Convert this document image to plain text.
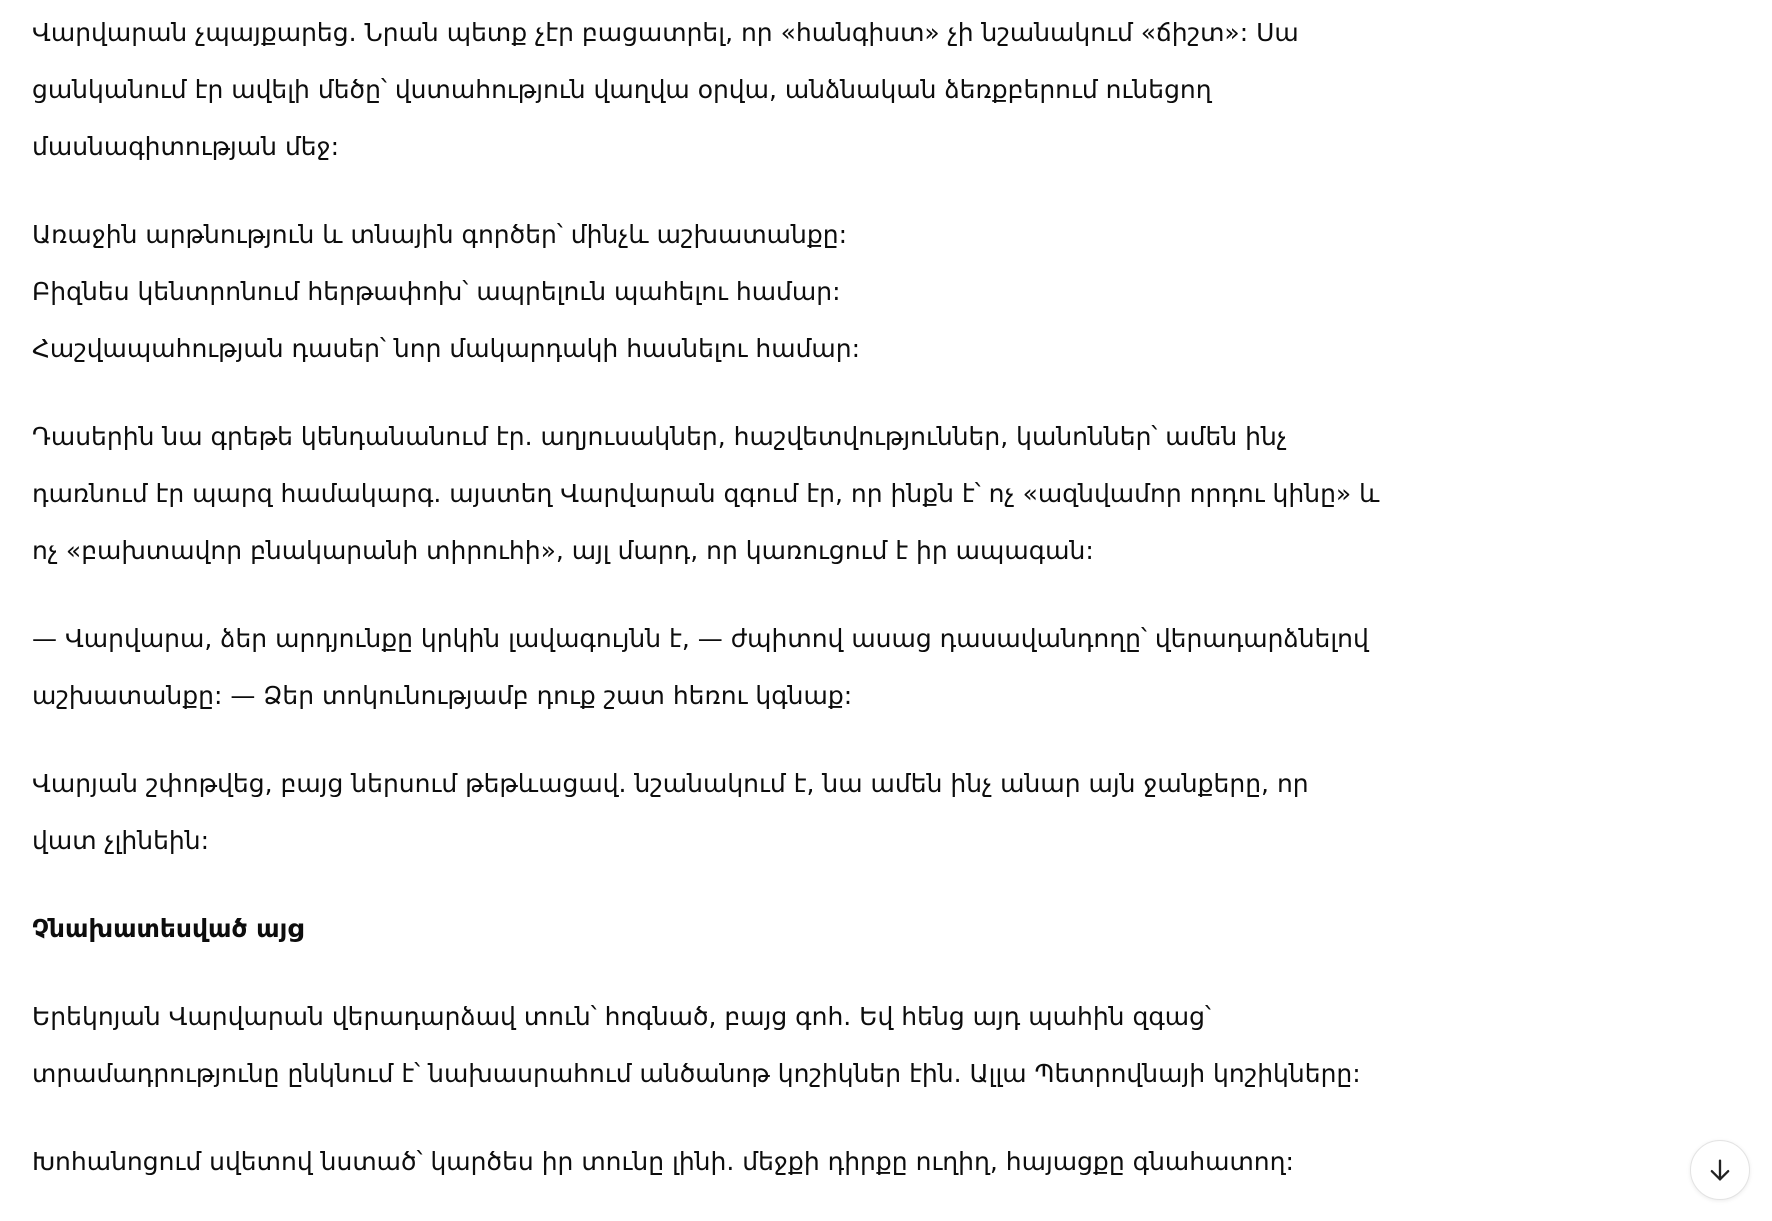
Վարվարան չպայքարեց. Նրան պետք չէր բացատրել, որ «հանգիստ» չի նշանակում «ճիշտ»: Սա
ցանկանում էր ավելի մեծը՝ վստահություն վաղվա օրվա, անձնական ձեռքբերում ունեցող
մասնագիտության մեջ:

Առաջին արթնություն և տնային գործեր՝ մինչև աշխատանքը:
Բիզնես կենտրոնում հերթափոխ՝ ապրելուն պահելու համար:
Հաշվապահության դասեր՝ նոր մակարդակի հասնելու համար:

Դասերին նա գրեթե կենդանանում էր. աղյուսակներ, հաշվետվություններ, կանոններ՝ ամեն ինչ
դառնում էր պարզ համակարգ. այստեղ Վարվարան զգում էր, որ ինքն է՝ ոչ «ազնվամոր որդու կինը» և
ոչ «բախտավոր բնակարանի տիրուհի», այլ մարդ, որ կառուցում է իր ապագան:

— Վարվարա, ձեր արդյունքը կրկին լավագույնն է, — ժպիտով ասաց դասավանդողը՝ վերադարձնելով
աշխատանքը: — Ձեր տոկունությամբ դուք շատ հեռու կգնաք:

Վարյան շփոթվեց, բայց ներսում թեթևացավ. նշանակում է, նա ամեն ինչ անար այն ջանքերը, որ
վատ չլինեին:

Չնախատեսված այց

Երեկոյան Վարվարան վերադարձավ տուն՝ հոգնած, բայց գոհ. Եվ հենց այդ պահին զգաց՝
տրամադրությունը ընկնում է՝ նախասրահում անծանոթ կոշիկներ էին. Ալլա Պետրովնայի կոշիկները:

Խոհանոցում սվետով նստած՝ կարծես իր տունը լինի. մեջքի դիրքը ուղիղ, հայացքը գնահատող:
